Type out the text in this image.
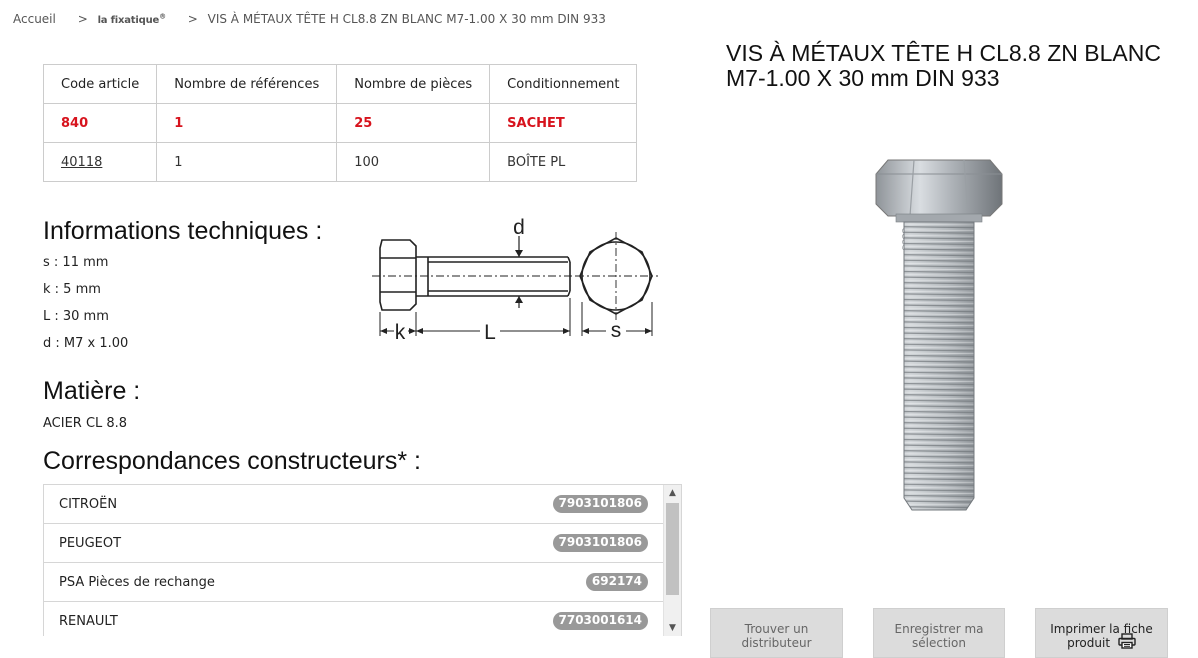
Accueil > la fixatique® > VIS À MÉTAUX TÊTE H CL8.8 ZN BLANC M7-1.00 X 30 mm DIN 933
VIS À MÉTAUX TÊTE H CL8.8 ZN BLANC M7-1.00 X 30 mm DIN 933
Code article	Nombre de références	Nombre de pièces	Conditionnement
840	1	25	SACHET
40118	1	100	BOÎTE PL
Informations techniques :
s : 11 mm
k : 5 mm
L : 30 mm
d : M7 x 1.00
d
k	L	s
Matière :
ACIER CL 8.8
Correspondances constructeurs* :
CITROËN	7903101806
PEUGEOT	7903101806
PSA Pièces de rechange	692174
RENAULT	7703001614
▲
▼	Trouver un
distributeur
Enregistrer ma
sélection
Imprimer la fiche
produit
